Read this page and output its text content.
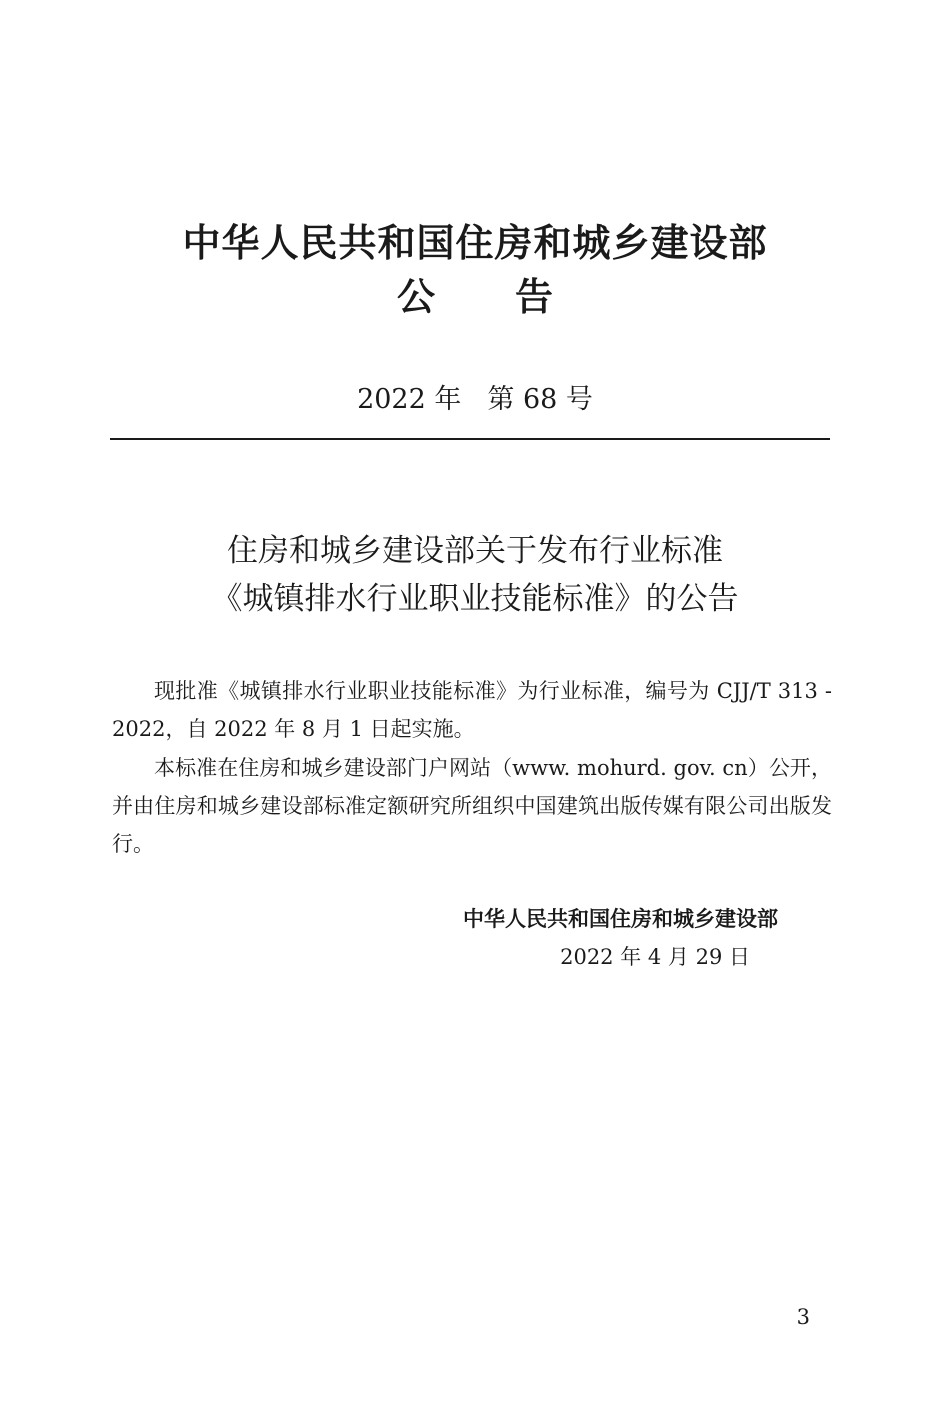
中华人民共和国住房和城乡建设部
公 告
2022 年 第 68 号
住房和城乡建设部关于发布行业标准
《城镇排水行业职业技能标准》的公告

现批准《城镇排水行业职业技能标准》为行业标准，编号为 CJJ/T 313 - 2022，自 2022 年 8 月 1 日起实施。

本标准在住房和城乡建设部门户网站（www. mohurd. gov. cn）公开，并由住房和城乡建设部标准定额研究所组织中国建筑出版传媒有限公司出版发行。

中华人民共和国住房和城乡建设部
2022 年 4 月 29 日
3
